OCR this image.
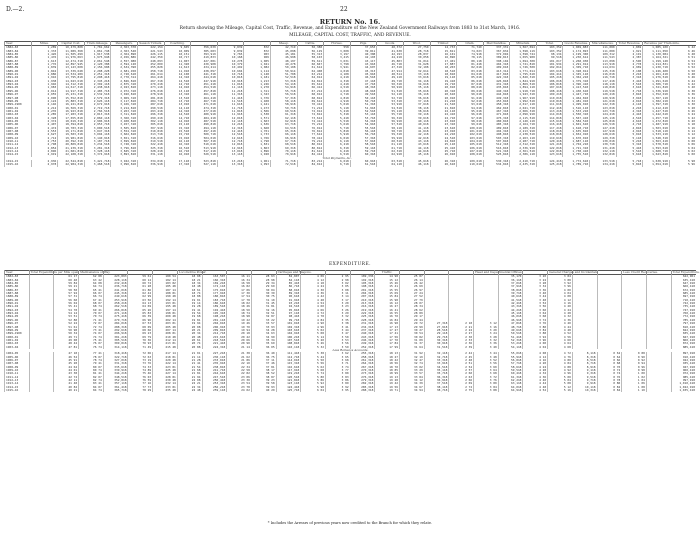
D.—2.	22
RETURN No. 16.
Return showing the Mileage, Capital Cost, Traffic, Revenue, and Expenditure of the New Zealand Government Railways from 1883 to 31st March, 1916.
MILEAGE, CAPITAL COST, TRAFFIC, AND REVENUE.
Year.	Miles.	Capital Cost.	Train-mileage.	Passengers.	Season Tickets.	Coaching.				Sheep.	Cattle.	Horses.	Pigs.	Goods.	Wool.	Timber.	Grain.	Merchandise.	Minerals.	Total.	Goods Revenue.	Miscellaneous.	Total Revenue.	Revenue per Train-mile.	
1882–83	1,289	10,479,808	1,781,662	2,363,378	222,154	9,605	356,639	9,839	872	42,719	50,388	558	37,653	40,372	27,750	14,733	71,749	337,331	1,567,694	103,352	1,069,883	111,080	1,869	1,085,100	6 42
1883–84	1,333	11,089,368	1,861,748	2,363,548	221,543	10,009	385,683	9,839	872	45,098	56,129	3,008	39,811	41,638	28,718	15,811	74,023	367,834	1,598,119	103,352	1,174,893	111,080	1,921	1,111,050	6 46
1884–85	1,426	11,505,499	1,917,538	2,364,898	226,115	10,151	393,919	9,765	903	45,181	55,313	3,197	40,308	42,193	28,837	16,101	74,918	372,094	1,598,744	98,134	1,199,308	109,312	2,191	1,130,084	6 48
1885–86	1,476	11,976,063	1,975,948	2,456,886	242,350	10,717	419,833	10,168	969	46,998	58,103	3,415	42,193	44,218	30,058	16,890	78,115	389,813	1,655,908	99,518	1,230,614	111,543	2,387	1,164,321	6 51
1886–87	1,613	12,474,318	2,061,548	2,557,088	248,093	11,007	427,081	10,278	1,005	48,197	59,611	3,631	43,117	45,803	31,014	17,401	80,118	398,104	1,694,308	101,017	1,268,938	113,098	2,590	1,199,148	6 54
1887–88	1,776	12,897,945	2,120,388	2,594,128	252,009	11,328	430,908	10,379	1,041	49,278	60,847	3,798	43,918	46,718	31,628	17,887	81,418	404,318	1,721,818	101,934	1,291,014	113,918	2,778	1,214,831	6 53
1888–89	1,839	13,143,008	2,156,908	2,634,398	255,828	11,613	434,214	10,492	1,082	50,108	61,614	3,941	44,697	47,318	32,108	18,203	82,618	409,018	1,746,508	102,814	1,309,718	114,634	2,969	1,230,718	6 52
1889–90	1,842	13,339,648	2,208,228	2,681,458	258,718	11,918	438,097	10,604	1,114	50,914	62,408	4,018	45,313	47,914	32,614	18,518	83,618	413,314	1,771,014	103,618	1,328,014	115,318	3,108	1,246,408	6 50
1890–91	1,886	13,534,289	2,251,318	2,728,618	261,614	12,108	441,318	10,718	1,148	51,708	63,214	4,108	45,918	48,514	33,118	18,818	84,618	417,818	1,795,618	104,414	1,345,118	116,018	3,218	1,261,418	6 48
1891–92	1,916	13,795,818	2,298,418	2,778,314	264,418	12,318	444,618	10,818	1,181	52,518	64,014	4,218	46,518	49,118	33,618	19,118	85,618	422,318	1,820,318	105,218	1,362,218	116,718	3,318	1,276,518	6 46
1892–93	1,938	14,043,618	2,345,218	2,826,818	267,318	12,518	447,918	10,918	1,213	53,318	64,814	4,318	47,118	49,718	34,118	19,418	86,618	426,818	1,844,918	106,018	1,379,318	117,418	3,418	1,291,618	6 44
1893–94	1,946	14,312,318	2,392,118	2,875,318	270,218	12,718	451,218	11,018	1,246	54,118	65,614	4,418	47,718	50,318	34,618	19,718	87,618	431,318	1,869,518	106,818	1,396,418	118,118	3,518	1,306,718	6 42
1894–95	1,983	14,617,318	2,438,918	2,923,818	273,118	12,918	454,518	11,118	1,278	54,918	66,414	4,518	48,318	50,918	35,118	20,018	88,618	435,818	1,894,118	107,618	1,413,518	118,818	3,618	1,321,818	6 40
1895–96	2,014	14,917,318	2,485,718	2,972,318	276,018	13,118	457,818	11,218	1,311	55,718	67,214	4,618	48,918	51,518	35,618	20,318	89,618	440,318	1,918,718	108,418	1,430,618	119,518	3,718	1,336,918	6 38
1896–97	2,055	15,231,318	2,532,518	3,020,818	278,918	13,318	461,118	11,318	1,343	56,518	68,014	4,718	49,518	52,118	36,118	20,618	90,618	444,818	1,943,318	109,218	1,447,718	120,218	3,818	1,352,018	6 36
1897–98	2,090	15,552,818	2,579,318	3,069,318	281,818	13,518	464,418	11,418	1,376	57,318	68,814	4,818	50,118	52,718	36,618	20,918	91,618	449,318	1,967,918	110,018	1,464,818	120,918	3,918	1,367,118	6 34
1898–99	2,124	15,883,318	2,626,118	3,117,818	284,718	13,718	467,718	11,518	1,408	58,118	69,614	4,918	50,718	53,318	37,118	21,218	92,618	453,818	1,992,518	110,818	1,481,918	121,618	4,018	1,382,218	6 32
1899–1900	2,146	16,221,818	2,672,918	3,166,318	287,618	13,918	471,018	11,618	1,441	58,918	70,414	5,018	51,318	53,918	37,618	21,518	93,618	458,318	2,017,118	111,618	1,499,018	122,318	4,118	1,397,318	6 30
1900–01	2,212	16,569,318	2,719,718	3,214,818	290,518	14,118	474,318	11,718	1,473	59,718	71,214	5,118	51,918	54,518	38,118	21,818	94,618	462,818	2,041,718	112,418	1,516,118	123,018	4,218	1,412,418	6 28
1901–02	2,235	16,923,818	2,766,518	3,263,318	293,418	14,318	477,618	11,818	1,506	60,518	72,014	5,218	52,518	55,118	38,618	22,118	95,618	467,318	2,066,318	113,218	1,533,218	123,718	4,318	1,427,518	6 26
1902–03	2,285	17,283,318	2,813,318	3,311,818	296,318	14,518	480,918	11,918	1,538	61,318	72,814	5,318	53,118	55,718	39,118	22,418	96,618	471,818	2,090,918	114,018	1,550,318	124,418	4,418	1,442,618	6 24
1903–04	2,328	17,655,818	2,860,118	3,360,318	299,218	14,718	484,218	12,018	1,571	62,118	73,614	5,418	53,718	56,318	39,618	22,718	97,618	476,318	2,115,518	114,818	1,567,418	125,118	4,518	1,457,718	6 22
1904–05	2,374	18,019,318	2,906,918	3,408,818	302,118	14,918	487,518	12,118	1,603	62,918	74,414	5,518	54,318	56,918	40,118	23,018	98,618	480,818	2,140,118	115,618	1,584,518	125,818	4,618	1,472,818	6 20
1905–06	2,407	18,394,818	2,953,718	3,457,318	305,018	15,118	490,818	12,218	1,636	63,718	75,214	5,618	54,918	57,518	40,618	23,318	99,618	485,318	2,164,718	116,418	1,601,618	126,518	4,718	1,487,918	6 18
1906–07	2,474	18,783,318	3,000,518	3,505,818	307,918	15,318	494,118	12,318	1,668	64,518	76,014	5,718	55,518	58,118	41,118	23,618	100,618	489,818	2,189,318	117,218	1,618,718	127,218	4,818	1,503,018	6 16
1907–08	2,553	19,171,818	3,047,318	3,554,318	310,818	15,518	497,418	12,418	1,701	65,318	76,814	5,818	56,118	58,718	41,618	23,918	101,618	494,318	2,213,918	118,018	1,635,818	127,918	4,918	1,518,118	6 14
1908–09	2,627	19,583,318	3,094,118	3,602,818	313,718	15,718	500,718	12,518	1,733	66,118	77,614	5,918	56,718	59,318	42,118	24,218	102,618	498,818	2,238,518	118,818	1,652,918	128,618	5,018	1,533,218	6 12
1909–10	2,712	19,981,818	3,140,918	3,651,318	316,618	15,918	504,018	12,618	1,766	66,918	78,414	6,018	57,318	59,918	42,618	24,518	103,618	503,318	2,263,118	119,618	1,670,018	129,318	5,118	1,548,318	6 10
1910–11	2,753	20,392,318	3,187,718	3,699,818	319,518	16,118	507,318	12,718	1,798	67,718	79,214	6,118	57,918	60,518	43,118	24,818	104,618	507,818	2,287,718	120,418	1,687,118	130,018	5,218	1,563,418	6 08
1911–12	2,798	20,809,818	3,234,518	3,748,318	322,418	16,318	510,618	12,818	1,831	68,518	80,014	6,218	58,518	61,118	43,618	25,118	105,618	512,318	2,312,318	121,218	1,704,218	130,718	5,318	1,578,518	6 06
1912–13	2,854	21,239,318	3,281,318	3,796,818	325,318	16,518	513,918	12,918	1,863	69,318	80,814	6,318	59,118	61,718	44,118	25,418	106,618	516,818	2,336,918	122,018	1,721,318	131,418	5,418	1,593,618	6 04
1913–14	2,896	21,681,818	3,328,118	3,845,318	328,218	16,718	517,218	13,018	1,896	70,118	81,614	6,418	59,718	62,318	44,618	25,718	107,618	521,318	2,361,518	122,818	1,738,418	132,118	5,518	1,608,718	6 02
1914–15	2,919	22,108,318	3,374,918	3,893,818	331,118	16,918	520,518	13,118	1,928	70,918	82,414	6,518	60,318	62,918	45,118	26,018	108,618	525,818	2,386,118	123,618	1,755,518	132,818	5,618	1,623,818	6 00
Total Payments, &c.																									
1914–15	2,936	22,544,818	3,421,718	3,942,318	334,018	17,118	523,818	13,218	1,961	71,718	83,214	6,618	60,918	63,518	45,618	26,318	109,618	530,318	2,410,718	124,418	1,772,618	133,518	5,718	1,638,918	5 98
1915–16	2,978	22,984,318	3,468,518	3,990,818	336,918	17,318	527,118	13,318	1,993	72,518	84,014	6,718	61,518	64,118	46,118	26,618	110,618	534,818	2,435,318	125,218	1,789,718	134,218	5,818	1,654,018	5 96
EXPENDITURE.
Year.	Total Expenditure per Mile open.		Maintenance of Way.				Locomotive Power.				Carriages and Wagons.				Traffic.				Head and Departmental Offices.			General Charges and Incidentals.			Less Credit Recoveries.		Total Expenditure.
1882–83		61 17	62 88	223,893	59 61	180 54	18 08	163,507	16 11	28 63	82,807	4 06	2 95	189,336	14 98	25 87				35,170	3 20	3 84					622,961
1883–84		60 48	63 42	228,118	60 14	182 14	18 21	166,318	16 34	28 98	84,118	4 12	2 98	192,318	15 12	26 14				36,118	3 24	3 88					635,418
1884–85		59 84	64 08	232,418	60 72	183 82	18 34	169,218	16 58	29 34	85,418	4 18	3 02	195,318	15 26	26 42				37,018	3 28	3 92					647,918
1885–86		59 21	64 74	236,718	61 28	185 48	18 48	172,118	16 82	29 69	86,718	4 24	3 05	198,318	15 41	26 69				37,918	3 32	3 96					660,418
1886–87		58 58	65 41	241,018	61 86	187 14	18 61	175,018	17 06	30 04	88,018	4 30	3 08	201,318	15 55	26 97				38,818	3 36	4 00					672,918
1887–88		57 94	66 07	245,318	62 42	188 81	18 74	177,918	17 30	30 39	89,318	4 36	3 11	204,318	15 69	27 24				39,718	3 40	4 04					685,418
1888–89		57 31	66 74	249,618	62 99	190 48	18 88	180,818	17 54	30 75	90,618	4 42	3 14	207,318	15 84	27 52				40,618	3 44	4 08					697,918
1889–90		56 68	67 41	253,918	63 56	192 14	19 01	183,718	17 78	31 10	91,918	4 48	3 17	210,318	15 98	27 79				41,518	3 48	4 12					710,418
1890–91		56 04	68 07	258,218	64 13	193 81	19 14	186,618	18 02	31 45	93,218	4 54	3 20	213,318	16 12	28 07				42,418	3 52	4 16					722,918
1891–92		55 41	68 74	262,518	64 69	195 48	19 28	189,518	18 26	31 81	94,518	4 60	3 23	216,318	16 27	28 34				43,318	3 56	4 20					735,418
1892–93		54 78	69 41	266,818	65 26	197 14	19 41	192,418	18 50	32 16	95,818	4 66	3 26	219,318	16 41	28 62				44,218	3 60	4 24					747,918
1893–94		54 14	70 07	271,118	65 83	198 81	19 54	195,318	18 74	32 51	97,118	4 72	3 29	222,318	16 55	28 89				45,118	3 64	4 28					760,418
1894–95		53 51	70 74	275,418	66 39	200 48	19 68	198,218	18 98	32 87	98,418	4 78	3 32	225,318	16 70	29 17				46,018	3 68	4 32					772,918
1895–96		52 88	71 41	279,718	66 96	202 14	19 81	201,118	19 22	33 22	99,718	4 84	3 35	228,318	16 84	29 44				46,918	3 72	4 36					785,418
1896–97		52 24	72 07	284,018	67 53	203 81	19 94	204,018	19 46	33 57	101,018	4 90	3 38	231,318	16 98	29 72	27,318	2 18	3 12	47,818	3 76	4 40					797,918
1897–98		51 61	72 74	288,318	68 09	205 48	20 08	206,918	19 70	33 93	102,318	4 96	3 41	234,318	17 13	29 99	27,918	2 21	3 16	48,718	3 80	4 44					810,418
1898–99		50 98	73 41	292,618	68 66	207 14	20 21	209,818	19 94	34 28	103,618	5 02	3 44	237,318	17 27	30 27	28,518	2 24	3 20	49,618	3 84	4 48					822,918
1899–1900		50 34	74 07	296,918	69 23	208 81	20 34	212,718	20 18	34 63	104,918	5 08	3 47	240,318	17 41	30 54	29,118	2 27	3 24	50,518	3 88	4 52					835,418
1900–01		49 71	74 74	301,218	69 79	210 48	20 48	215,618	20 42	34 99	106,218	5 14	3 50	243,318	17 56	30 82	29,718	2 30	3 28	51,418	3 92	4 56					847,918
1901–02		49 08	75 41	305,518	70 36	212 14	20 61	218,518	20 66	35 34	107,518	5 20	3 53	246,318	17 70	31 09	30,318	2 33	3 32	52,318	3 96	4 60					860,418
1902–03		48 44	76 07	309,818	70 93	213 81	20 74	221,418	20 90	35 69	108,818	5 26	3 56	249,318	17 84	31 37	30,918	2 36	3 36	53,218	4 00	4 64					872,918
1903–04		47 81	76 74	314,118	71 49	215 48	20 88	224,318	21 14	36 05	110,118	5 32	3 59	252,318	17 99	31 64	31,518	2 39	3 40	54,118	4 04	4 68					885,418
Less Railways Accounts.																											
1904–05		47 18	77 41	318,418	72 06	217 14	21 01	227,218	21 38	36 40	111,418	5 38	3 62	255,318	18 13	31 92	32,118	2 42	3 44	55,018	4 08	4 72	8,118	0 62	0 88		897,918
1905–06		46 54	78 07	322,718	72 63	218 81	21 14	230,118	21 62	36 75	112,718	5 44	3 65	258,318	18 27	32 19	32,718	2 45	3 48	55,918	4 12	4 76	8,318	0 64	0 90		910,418
1906–07		45 91	78 74	327,018	73 19	220 48	21 28	233,018	21 86	37 11	114,018	5 50	3 68	261,318	18 42	32 47	33,318	2 48	3 52	56,818	4 16	4 80	8,518	0 66	0 92		922,918
1907–08		45 28	79 41	331,318	73 76	222 14	21 41	235,918	22 10	37 46	115,318	5 56	3 71	264,318	18 56	32 74	33,918	2 51	3 56	57,718	4 20	4 84	8,718	0 68	0 94		935,418
1908–09		44 64	80 07	335,618	74 33	223 81	21 54	238,818	22 34	37 81	116,618	5 62	3 74	267,318	18 70	33 02	34,518	2 54	3 60	58,618	4 24	4 88	8,918	0 70	0 96		947,918
1909–10		44 01	80 74	339,918	74 89	225 48	21 68	241,718	22 58	38 17	117,918	5 68	3 77	270,318	18 85	33 29	35,118	2 57	3 64	59,518	4 28	4 92	9,118	0 72	0 98		960,418
1910–11		43 38	81 41	344,218	75 46	227 14	21 81	244,618	22 82	38 52	119,218	5 74	3 80	273,318	18 99	33 57	35,718	2 60	3 68	60,418	4 32	4 96	9,318	0 74	1 00		972,918
1911–12		42 74	82 07	348,518	76 03	228 81	21 94	247,518	23 06	38 87	120,518	5 80	3 83	276,318	19 13	33 84	36,318	2 63	3 72	61,318	4 36	5 00	9,518	0 76	1 02		985,418
1912–13		42 11	82 74	352,818	76 59	230 48	22 08	250,418	23 30	39 23	121,818	5 86	3 86	279,318	19 28	34 12	36,918	2 66	3 76	62,218	4 40	5 04	9,718	0 78	1 04		997,918
1913–14		41 48	83 41	357,118	77 16	232 14	22 21	253,318	23 54	39 58	123,118	5 92	3 89	282,318	19 42	34 39	37,518	2 69	3 80	63,118	4 44	5 08	9,918	0 80	1 06		1,010,418
1914–15		40 84	84 07	361,418	77 73	233 81	22 34	256,218	23 78	39 93	124,418	5 98	3 92	285,318	19 56	34 67	38,118	2 72	3 84	64,018	4 48	5 12	10,118	0 82	1 08		1,022,918
1915–16		40 21	84 74	365,718	78 29	235 48	22 48	259,118	24 02	40 29	125,718	6 04	3 95	288,318	19 71	34 94	38,718	2 75	3 88	64,918	4 52	5 16	10,318	0 84	1 10		1,035,418
* Includes the Arrears of previous years now credited to the Branch for which they relate.
